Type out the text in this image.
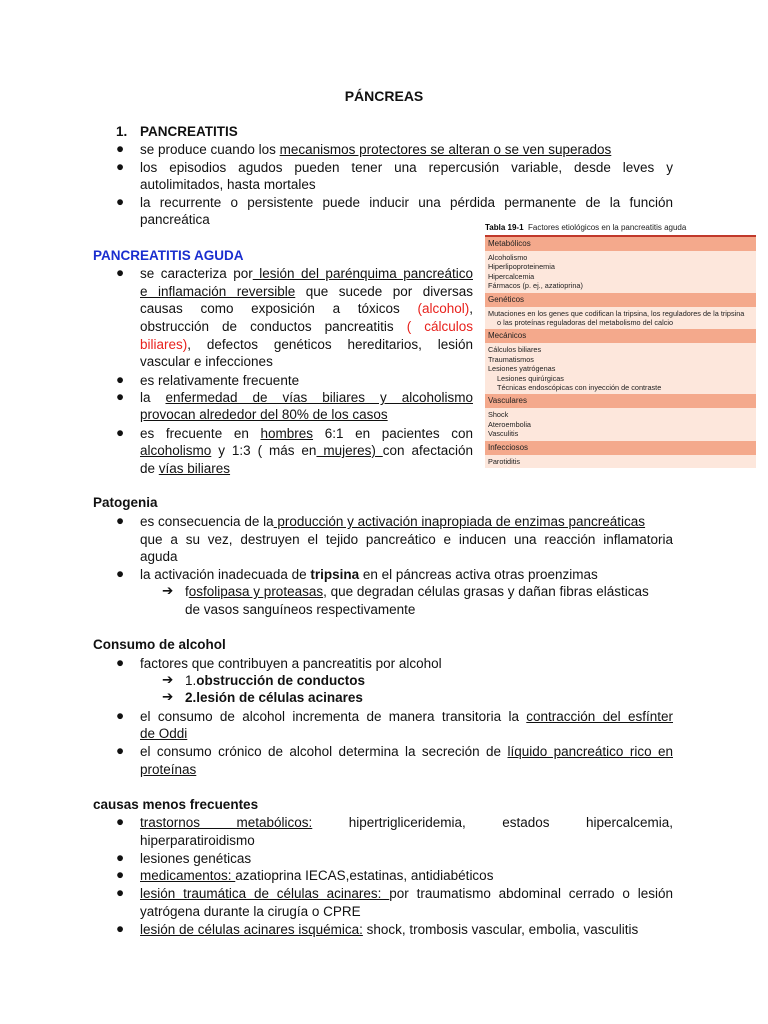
PÁNCREAS
1. PANCREATITIS
● se produce cuando los mecanismos protectores se alteran o se ven superados
● los episodios agudos pueden tener una repercusión variable, desde leves y
autolimitados, hasta mortales
● la recurrente o persistente puede inducir una pérdida permanente de la función
pancreática
PANCREATITIS AGUDA
● se caracteriza por lesión del parénquima pancreático
e inflamación reversible que sucede por diversas
causas como exposición a tóxicos (alcohol),
obstrucción de conductos pancreatitis ( cálculos
biliares), defectos genéticos hereditarios, lesión
vascular e infecciones
● es relativamente frecuente
● la enfermedad de vías biliares y alcoholismo
provocan alrededor del 80% de los casos
● es frecuente en hombres 6:1 en pacientes con
alcoholismo y 1:3 ( más en mujeres) con afectación
de vías biliares
Tabla 19-1 Factores etiológicos en la pancreatitis aguda
Metabólicos
Alcoholismo
Hiperlipoproteinemia
Hipercalcemia
Fármacos (p. ej., azatioprina)
Genéticos
Mutaciones en los genes que codifican la tripsina, los reguladores de la tripsina
o las proteínas reguladoras del metabolismo del calcio
Mecánicos
Cálculos biliares
Traumatismos
Lesiones yatrógenas
Lesiones quirúrgicas
Técnicas endoscópicas con inyección de contraste
Vasculares
Shock
Ateroembolia
Vasculitis
Infecciosos
Parotiditis
Patogenia
● es consecuencia de la producción y activación inapropiada de enzimas pancreáticas
que a su vez, destruyen el tejido pancreático e inducen una reacción inflamatoria
aguda
● la activación inadecuada de tripsina en el páncreas activa otras proenzimas
➔ fosfolipasa y proteasas, que degradan células grasas y dañan fibras elásticas
de vasos sanguíneos respectivamente
Consumo de alcohol
● factores que contribuyen a pancreatitis por alcohol
➔ 1.obstrucción de conductos
➔ 2.lesión de células acinares
● el consumo de alcohol incrementa de manera transitoria la contracción del esfínter
de Oddi
● el consumo crónico de alcohol determina la secreción de líquido pancreático rico en
proteínas
causas menos frecuentes
● trastornos metabólicos: hipertrigliceridemia, estados hipercalcemia,
hiperparatiroidismo
● lesiones genéticas
● medicamentos: azatioprina IECAS,estatinas, antidiabéticos
● lesión traumática de células acinares: por traumatismo abdominal cerrado o lesión
yatrógena durante la cirugía o CPRE
● lesión de células acinares isquémica: shock, trombosis vascular, embolia, vasculitis
